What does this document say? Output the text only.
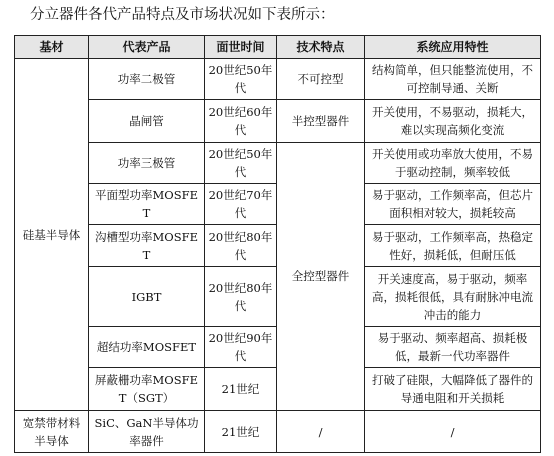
分立器件各代产品特点及市场状况如下表所示：
基材	代表产品	面世时间	技术特点	系统应用特性
硅基半导体	功率二极管	20世纪50年代	不可控型	结构简单，但只能整流使用，不可控制导通、关断
	晶闸管	20世纪60年代	半控型器件	开关使用，不易驱动，损耗大，难以实现高频化变流
	功率三极管	20世纪50年代	全控型器件	开关使用或功率放大使用，不易于驱动控制，频率较低
	平面型功率MOSFET	20世纪70年代		易于驱动，工作频率高，但芯片面积相对较大，损耗较高
	沟槽型功率MOSFET	20世纪80年代		易于驱动，工作频率高，热稳定性好，损耗低，但耐压低
	IGBT	20世纪80年代		开关速度高，易于驱动，频率高，损耗很低，具有耐脉冲电流冲击的能力
	超结功率MOSFET	20世纪90年代		易于驱动、频率超高、损耗极低，最新一代功率器件
	屏蔽栅功率MOSFET（SGT）	21世纪		打破了硅限，大幅降低了器件的导通电阻和开关损耗
宽禁带材料半导体	SiC、GaN半导体功率器件	21世纪	/	/
